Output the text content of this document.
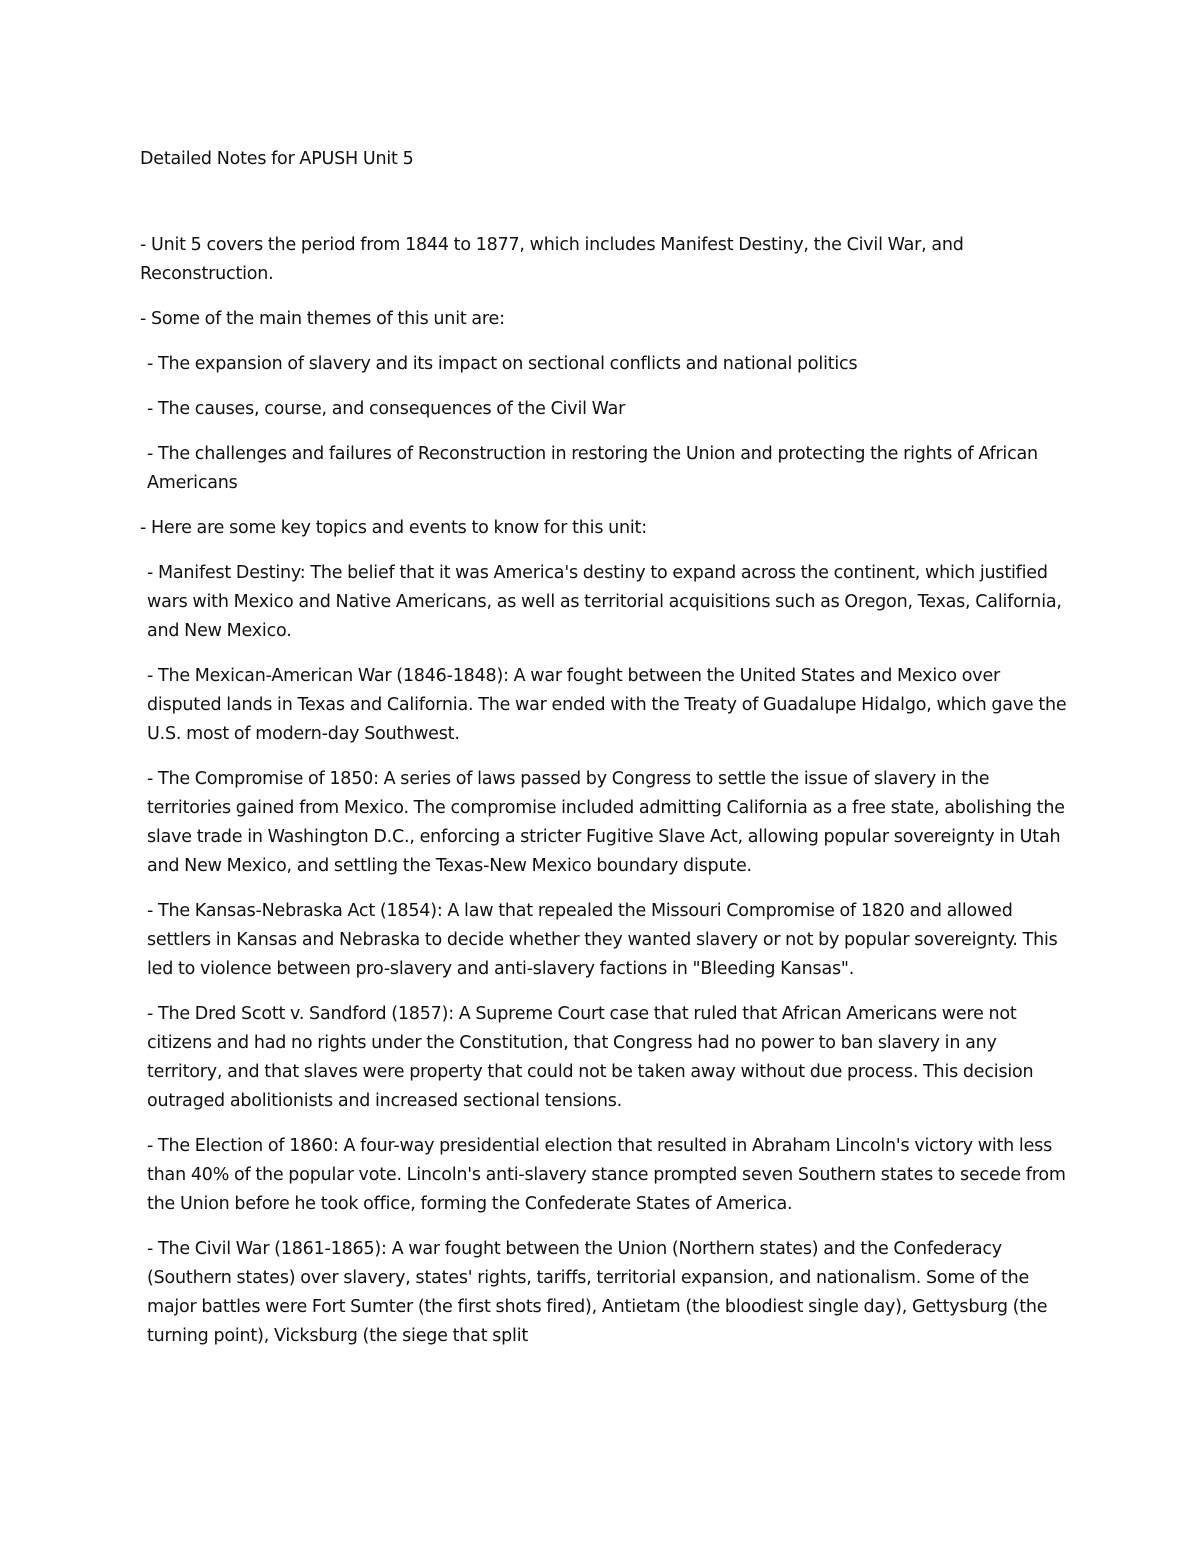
Detailed Notes for APUSH Unit 5

- Unit 5 covers the period from 1844 to 1877, which includes Manifest Destiny, the Civil War, and Reconstruction.

- Some of the main themes of this unit are:

- The expansion of slavery and its impact on sectional conflicts and national politics

- The causes, course, and consequences of the Civil War

- The challenges and failures of Reconstruction in restoring the Union and protecting the rights of African Americans

- Here are some key topics and events to know for this unit:

- Manifest Destiny: The belief that it was America's destiny to expand across the continent, which justified wars with Mexico and Native Americans, as well as territorial acquisitions such as Oregon, Texas, California, and New Mexico.

- The Mexican-American War (1846-1848): A war fought between the United States and Mexico over disputed lands in Texas and California. The war ended with the Treaty of Guadalupe Hidalgo, which gave the U.S. most of modern-day Southwest.

- The Compromise of 1850: A series of laws passed by Congress to settle the issue of slavery in the territories gained from Mexico. The compromise included admitting California as a free state, abolishing the slave trade in Washington D.C., enforcing a stricter Fugitive Slave Act, allowing popular sovereignty in Utah and New Mexico, and settling the Texas-New Mexico boundary dispute.

- The Kansas-Nebraska Act (1854): A law that repealed the Missouri Compromise of 1820 and allowed settlers in Kansas and Nebraska to decide whether they wanted slavery or not by popular sovereignty. This led to violence between pro-slavery and anti-slavery factions in "Bleeding Kansas".

- The Dred Scott v. Sandford (1857): A Supreme Court case that ruled that African Americans were not citizens and had no rights under the Constitution, that Congress had no power to ban slavery in any territory, and that slaves were property that could not be taken away without due process. This decision outraged abolitionists and increased sectional tensions.

- The Election of 1860: A four-way presidential election that resulted in Abraham Lincoln's victory with less than 40% of the popular vote. Lincoln's anti-slavery stance prompted seven Southern states to secede from the Union before he took office, forming the Confederate States of America.

- The Civil War (1861-1865): A war fought between the Union (Northern states) and the Confederacy (Southern states) over slavery, states' rights, tariffs, territorial expansion, and nationalism. Some of the major battles were Fort Sumter (the first shots fired), Antietam (the bloodiest single day), Gettysburg (the turning point), Vicksburg (the siege that split
